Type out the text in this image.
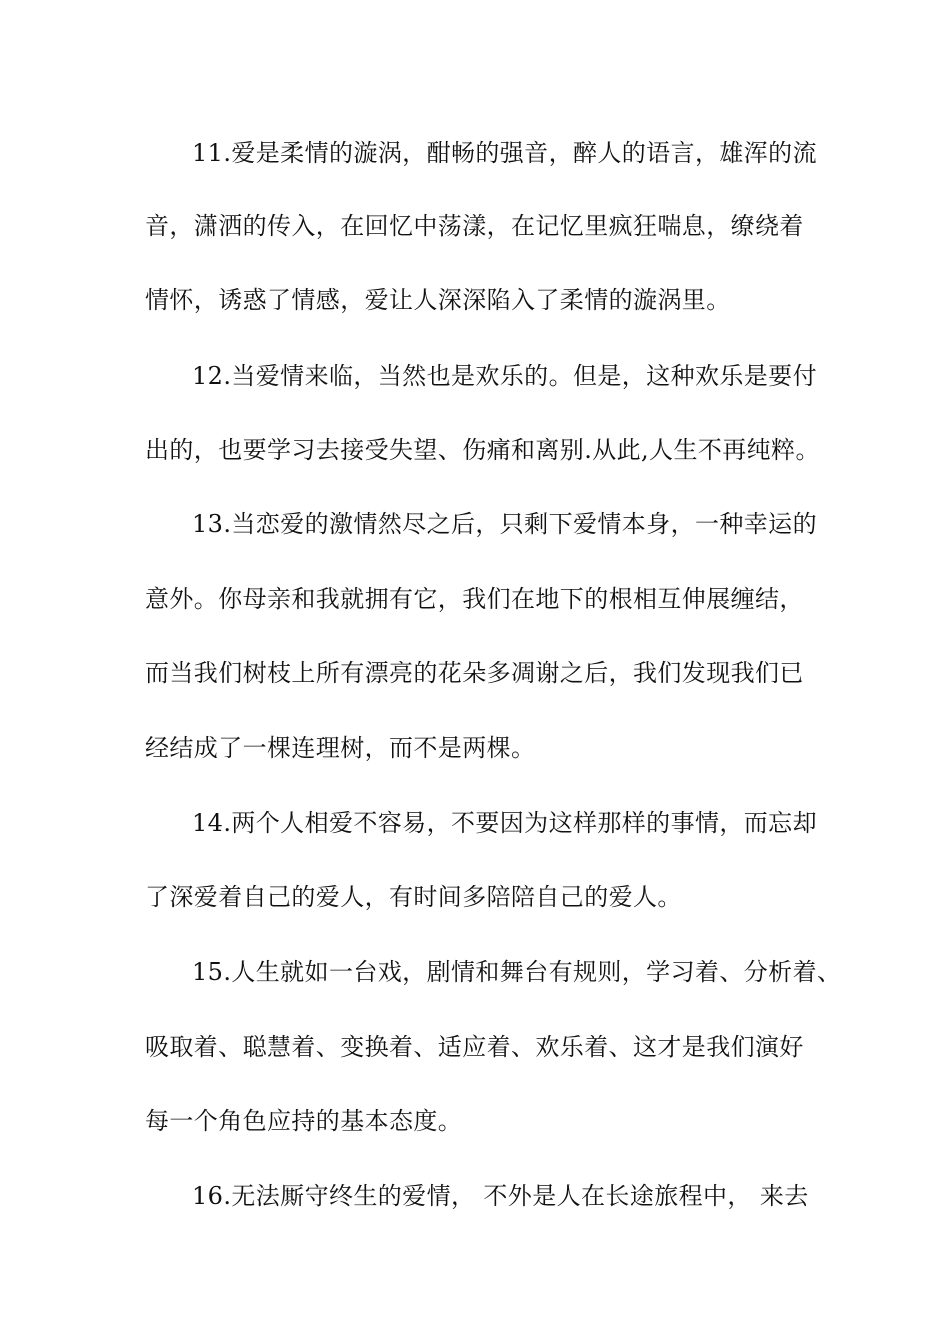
11.爱是柔情的漩涡，酣畅的强音，醉人的语言，雄浑的流
音，潇洒的传入，在回忆中荡漾，在记忆里疯狂喘息，缭绕着
情怀，诱惑了情感，爱让人深深陷入了柔情的漩涡里。
12.当爱情来临，当然也是欢乐的。但是，这种欢乐是要付
出的，也要学习去接受失望、伤痛和离别.从此,人生不再纯粹。
13.当恋爱的激情然尽之后，只剩下爱情本身，一种幸运的
意外。你母亲和我就拥有它，我们在地下的根相互伸展缠结，
而当我们树枝上所有漂亮的花朵多凋谢之后，我们发现我们已
经结成了一棵连理树，而不是两棵。
14.两个人相爱不容易，不要因为这样那样的事情，而忘却
了深爱着自己的爱人，有时间多陪陪自己的爱人。
15.人生就如一台戏，剧情和舞台有规则，学习着、分析着、
吸取着、聪慧着、变换着、适应着、欢乐着、这才是我们演好
每一个角色应持的基本态度。
16.无法厮守终生的爱情， 不外是人在长途旅程中， 来去
